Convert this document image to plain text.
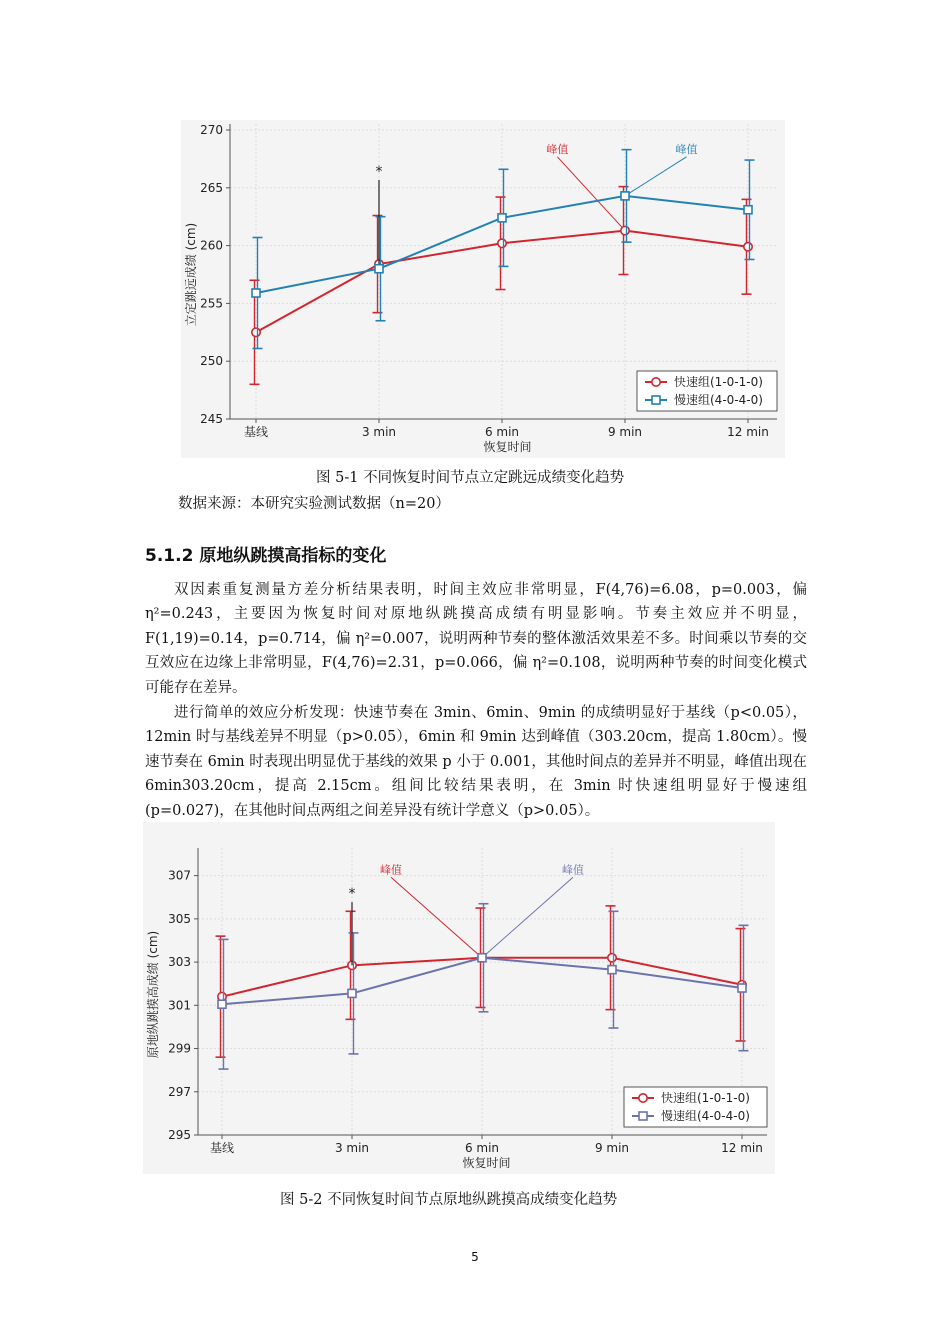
245
250
255
260
265
270
基线	3 min	6 min	9 min	12 min
恢复时间
立定跳远成绩 (cm)
峰值	峰值
*
快速组(1-0-1-0)
慢速组(4-0-4-0)
图 5-1 不同恢复时间节点立定跳远成绩变化趋势
数据来源：本研究实验测试数据（n=20）
5.1.2 原地纵跳摸高指标的变化

双因素重复测量方差分析结果表明，时间主效应非常明显，F(4,76)=6.08，p=0.003，偏 η²=0.243，主要因为恢复时间对原地纵跳摸高成绩有明显影响。节奏主效应并不明显，F(1,19)=0.14，p=0.714，偏 η²=0.007，说明两种节奏的整体激活效果差不多。时间乘以节奏的交互效应在边缘上非常明显，F(4,76)=2.31，p=0.066，偏 η²=0.108，说明两种节奏的时间变化模式可能存在差异。

进行简单的效应分析发现：快速节奏在 3min、6min、9min 的成绩明显好于基线（p<0.05），12min 时与基线差异不明显（p>0.05），6min 和 9min 达到峰值（303.20cm，提高 1.80cm）。慢速节奏在 6min 时表现出明显优于基线的效果 p 小于 0.001，其他时间点的差异并不明显，峰值出现在 6min303.20cm，提高 2.15cm。组间比较结果表明，在 3min 时快速组明显好于慢速组(p=0.027)，在其他时间点两组之间差异没有统计学意义（p>0.05）。

295
297
299
301
303
305
307
基线	3 min	6 min	9 min	12 min
恢复时间
原地纵跳摸高成绩 (cm)
峰值	峰值
*
快速组(1-0-1-0)
慢速组(4-0-4-0)
图 5-2 不同恢复时间节点原地纵跳摸高成绩变化趋势
5
